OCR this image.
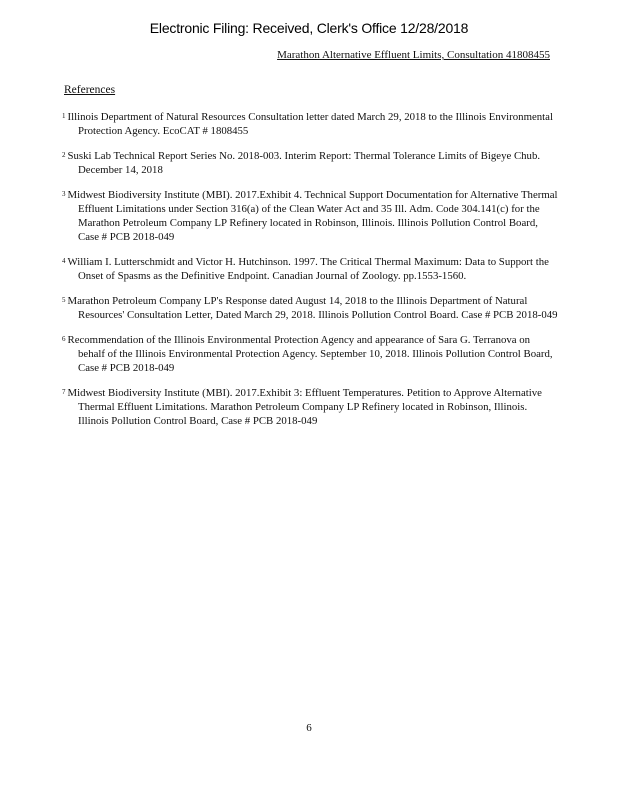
Electronic Filing: Received, Clerk's Office 12/28/2018
Marathon Alternative Effluent Limits, Consultation 41808455
References
$^1$ Illinois Department of Natural Resources Consultation letter dated March 29, 2018 to the Illinois Environmental Protection Agency. EcoCAT # 1808455
$^2$ Suski Lab Technical Report Series No. 2018-003. Interim Report: Thermal Tolerance Limits of Bigeye Chub. December 14, 2018
$^3$ Midwest Biodiversity Institute (MBI). 2017.Exhibit 4. Technical Support Documentation for Alternative Thermal Effluent Limitations under Section 316(a) of the Clean Water Act and 35 Ill. Adm. Code 304.141(c) for the Marathon Petroleum Company LP Refinery located in Robinson, Illinois. Illinois Pollution Control Board, Case # PCB 2018-049
$^4$ William I. Lutterschmidt and Victor H. Hutchinson. 1997. The Critical Thermal Maximum: Data to Support the Onset of Spasms as the Definitive Endpoint. Canadian Journal of Zoology. pp.1553-1560.
$^5$ Marathon Petroleum Company LP's Response dated August 14, 2018 to the Illinois Department of Natural Resources' Consultation Letter, Dated March 29, 2018. Illinois Pollution Control Board. Case # PCB 2018-049
$^6$ Recommendation of the Illinois Environmental Protection Agency and appearance of Sara G. Terranova on behalf of the Illinois Environmental Protection Agency. September 10, 2018. Illinois Pollution Control Board, Case # PCB 2018-049
$^7$ Midwest Biodiversity Institute (MBI). 2017.Exhibit 3: Effluent Temperatures. Petition to Approve Alternative Thermal Effluent Limitations. Marathon Petroleum Company LP Refinery located in Robinson, Illinois. Illinois Pollution Control Board, Case # PCB 2018-049
6
